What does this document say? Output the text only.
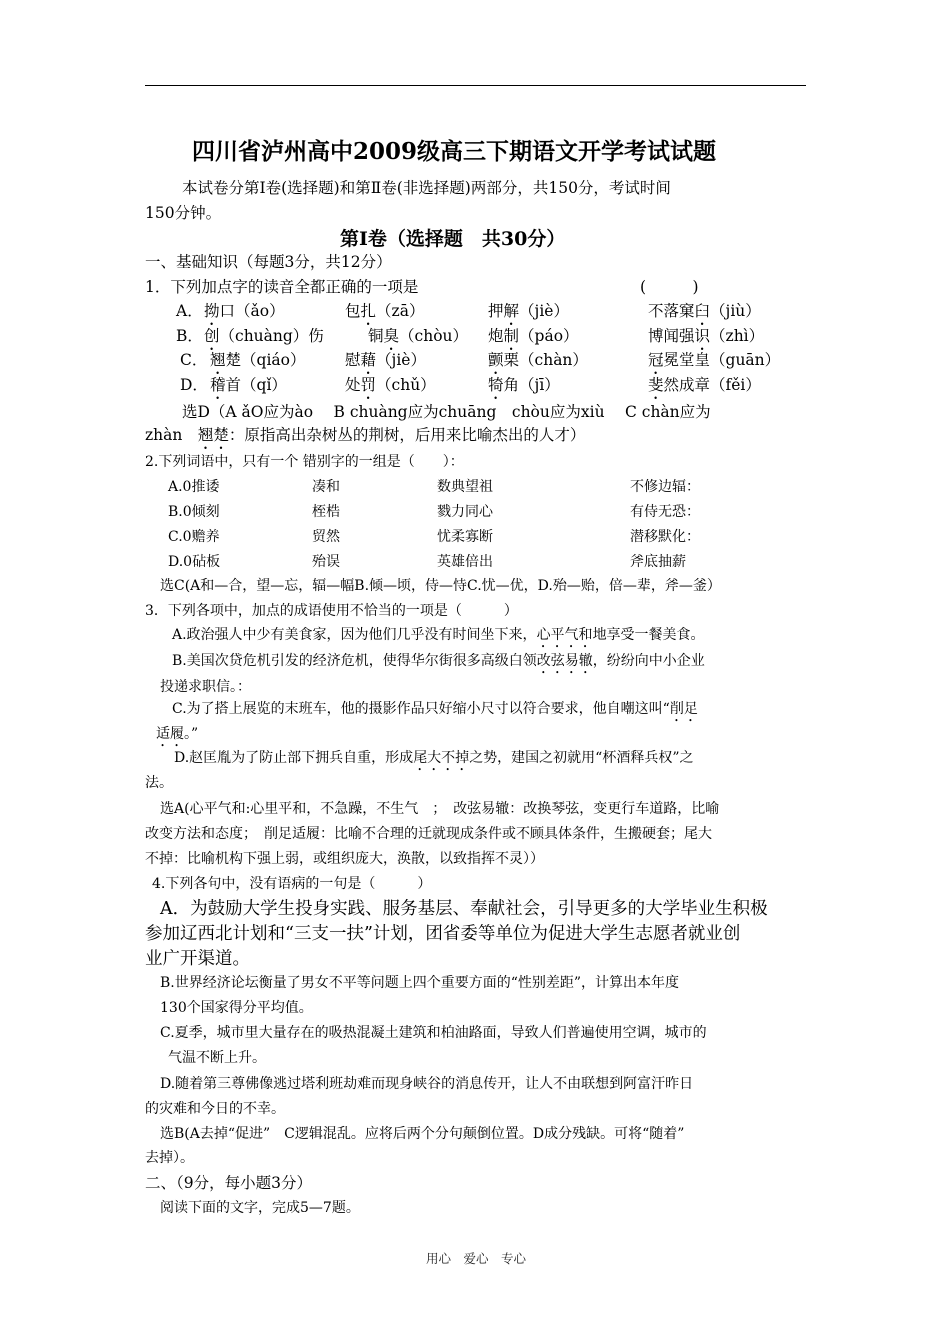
四川省泸州高中2009级高三下期语文开学考试试题
本试卷分第Ⅰ卷(选择题)和第Ⅱ卷(非选择题)两部分，共150分，考试时间
150分钟。
第Ⅰ卷（选择题　共30分）
一、基础知识（每题3分，共12分）
1．下列加点字的读音全都正确的一项是	(　　　)
A． 拗口（ǎo）	包扎（zā）	押解（jiè）	不落窠臼（jiù）
B． 创（chuàng）伤	铜臭（chòu） 炮制（páo）	博闻强识（zhì）
C． 翘楚（qiáo）	慰藉（jiè）	颤栗（chàn）	冠冕堂皇（guān）
D． 稽首（qǐ）	处罚（chǔ）	犄角（jī）	斐然成章（fěi）
选D（A ǎO应为ào　 B chuàng应为chuāng　chòu应为xiù　 C chàn应为
zhàn　翘楚：原指高出杂树丛的荆树，后用来比喻杰出的人才）
2.下列词语中，只有一个 错别字的一组是（　　）：
A.0推诿	凑和	数典望祖	不修边辐：
B.0倾刻	桎梏	戮力同心	有侍无恐：
C.0赡养	贸然	忧柔寡断	潜移默化：
D.0砧板	殆误	英雄倍出	斧底抽薪
选C(A和—合，望—忘，辐—幅B.倾—顷，侍—恃C.忧—优，D.殆—贻，倍—辈，斧—釜）
3．下列各项中，加点的成语使用不恰当的一项是（　　　）
A.政治强人中少有美食家，因为他们几乎没有时间坐下来，心平气和地享受一餐美食。
B.美国次贷危机引发的经济危机，使得华尔街很多高级白领改弦易辙，纷纷向中小企业
投递求职信。：
C.为了搭上展览的末班车，他的摄影作品只好缩小尺寸以符合要求，他自嘲这叫“削足
适履。”
D.赵匡胤为了防止部下拥兵自重，形成尾大不掉之势，建国之初就用“杯酒释兵权”之
法。
选A(心平气和:心里平和，不急躁，不生气　；　改弦易辙：改换琴弦，变更行车道路，比喻
改变方法和态度；　削足适履：比喻不合理的迁就现成条件或不顾具体条件，生搬硬套；尾大
不掉：比喻机构下强上弱，或组织庞大，涣散，以致指挥不灵））
4.下列各句中，没有语病的一句是（　　　）
A．为鼓励大学生投身实践、服务基层、奉献社会，引导更多的大学毕业生积极
参加辽西北计划和“三支一扶”计划，团省委等单位为促进大学生志愿者就业创
业广开渠道。
B.世界经济论坛衡量了男女不平等问题上四个重要方面的“性别差距”，计算出本年度
130个国家得分平均值。
C.夏季，城市里大量存在的吸热混凝土建筑和柏油路面，导致人们普遍使用空调，城市的
气温不断上升。
D.随着第三尊佛像逃过塔利班劫难而现身峡谷的消息传开，让人不由联想到阿富汗昨日
的灾难和今日的不幸。
选B(A去掉“促进”　C逻辑混乱。应将后两个分句颠倒位置。D成分残缺。可将“随着”
去掉）。
二、（9分，每小题3分）
阅读下面的文字，完成5—7题。
用心　爱心　专心
